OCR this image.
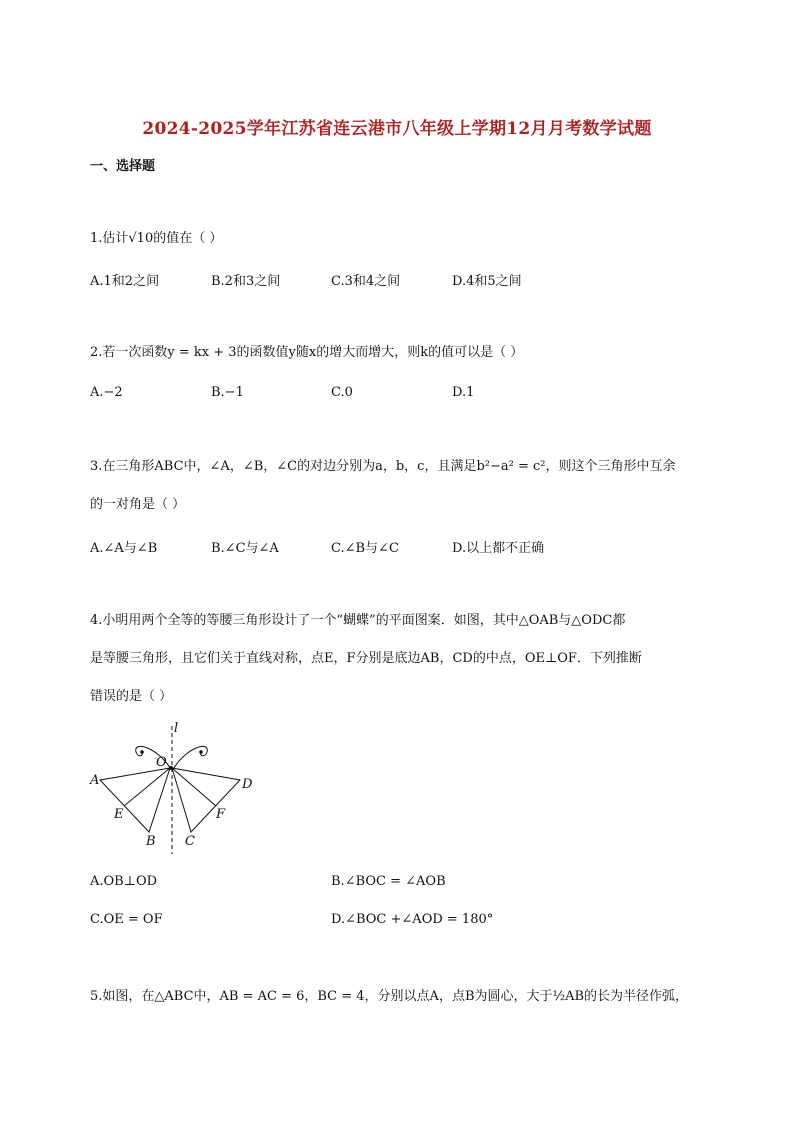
2024-2025学年江苏省连云港市八年级上学期12月月考数学试题
一、选择题
1.估计√10的值在（ ）
A.1和2之间	B.2和3之间	C.3和4之间	D.4和5之间
2.若一次函数y = kx + 3的函数值y随x的增大而增大，则k的值可以是（ ）
A.−2	B.−1	C.0	D.1
3.在三角形ABC中，∠A，∠B，∠C的对边分别为a，b，c，且满足b²−a² = c²，则这个三角形中互余
的一对角是（ ）
A.∠A与∠B	B.∠C与∠A	C.∠B与∠C	D.以上都不正确
4.小明用两个全等的等腰三角形设计了一个“蝴蝶”的平面图案．如图，其中△OAB与△ODC都
是等腰三角形，且它们关于直线对称，点E，F分别是底边AB，CD的中点，OE⊥OF．下列推断
错误的是（ ）
l
O
A	D
E	F
B C
A.OB⊥OD	B.∠BOC = ∠AOB
C.OE = OF	D.∠BOC +∠AOD = 180°
5.如图，在△ABC中，AB = AC = 6，BC = 4，分别以点A，点B为圆心，大于½AB的长为半径作弧，
